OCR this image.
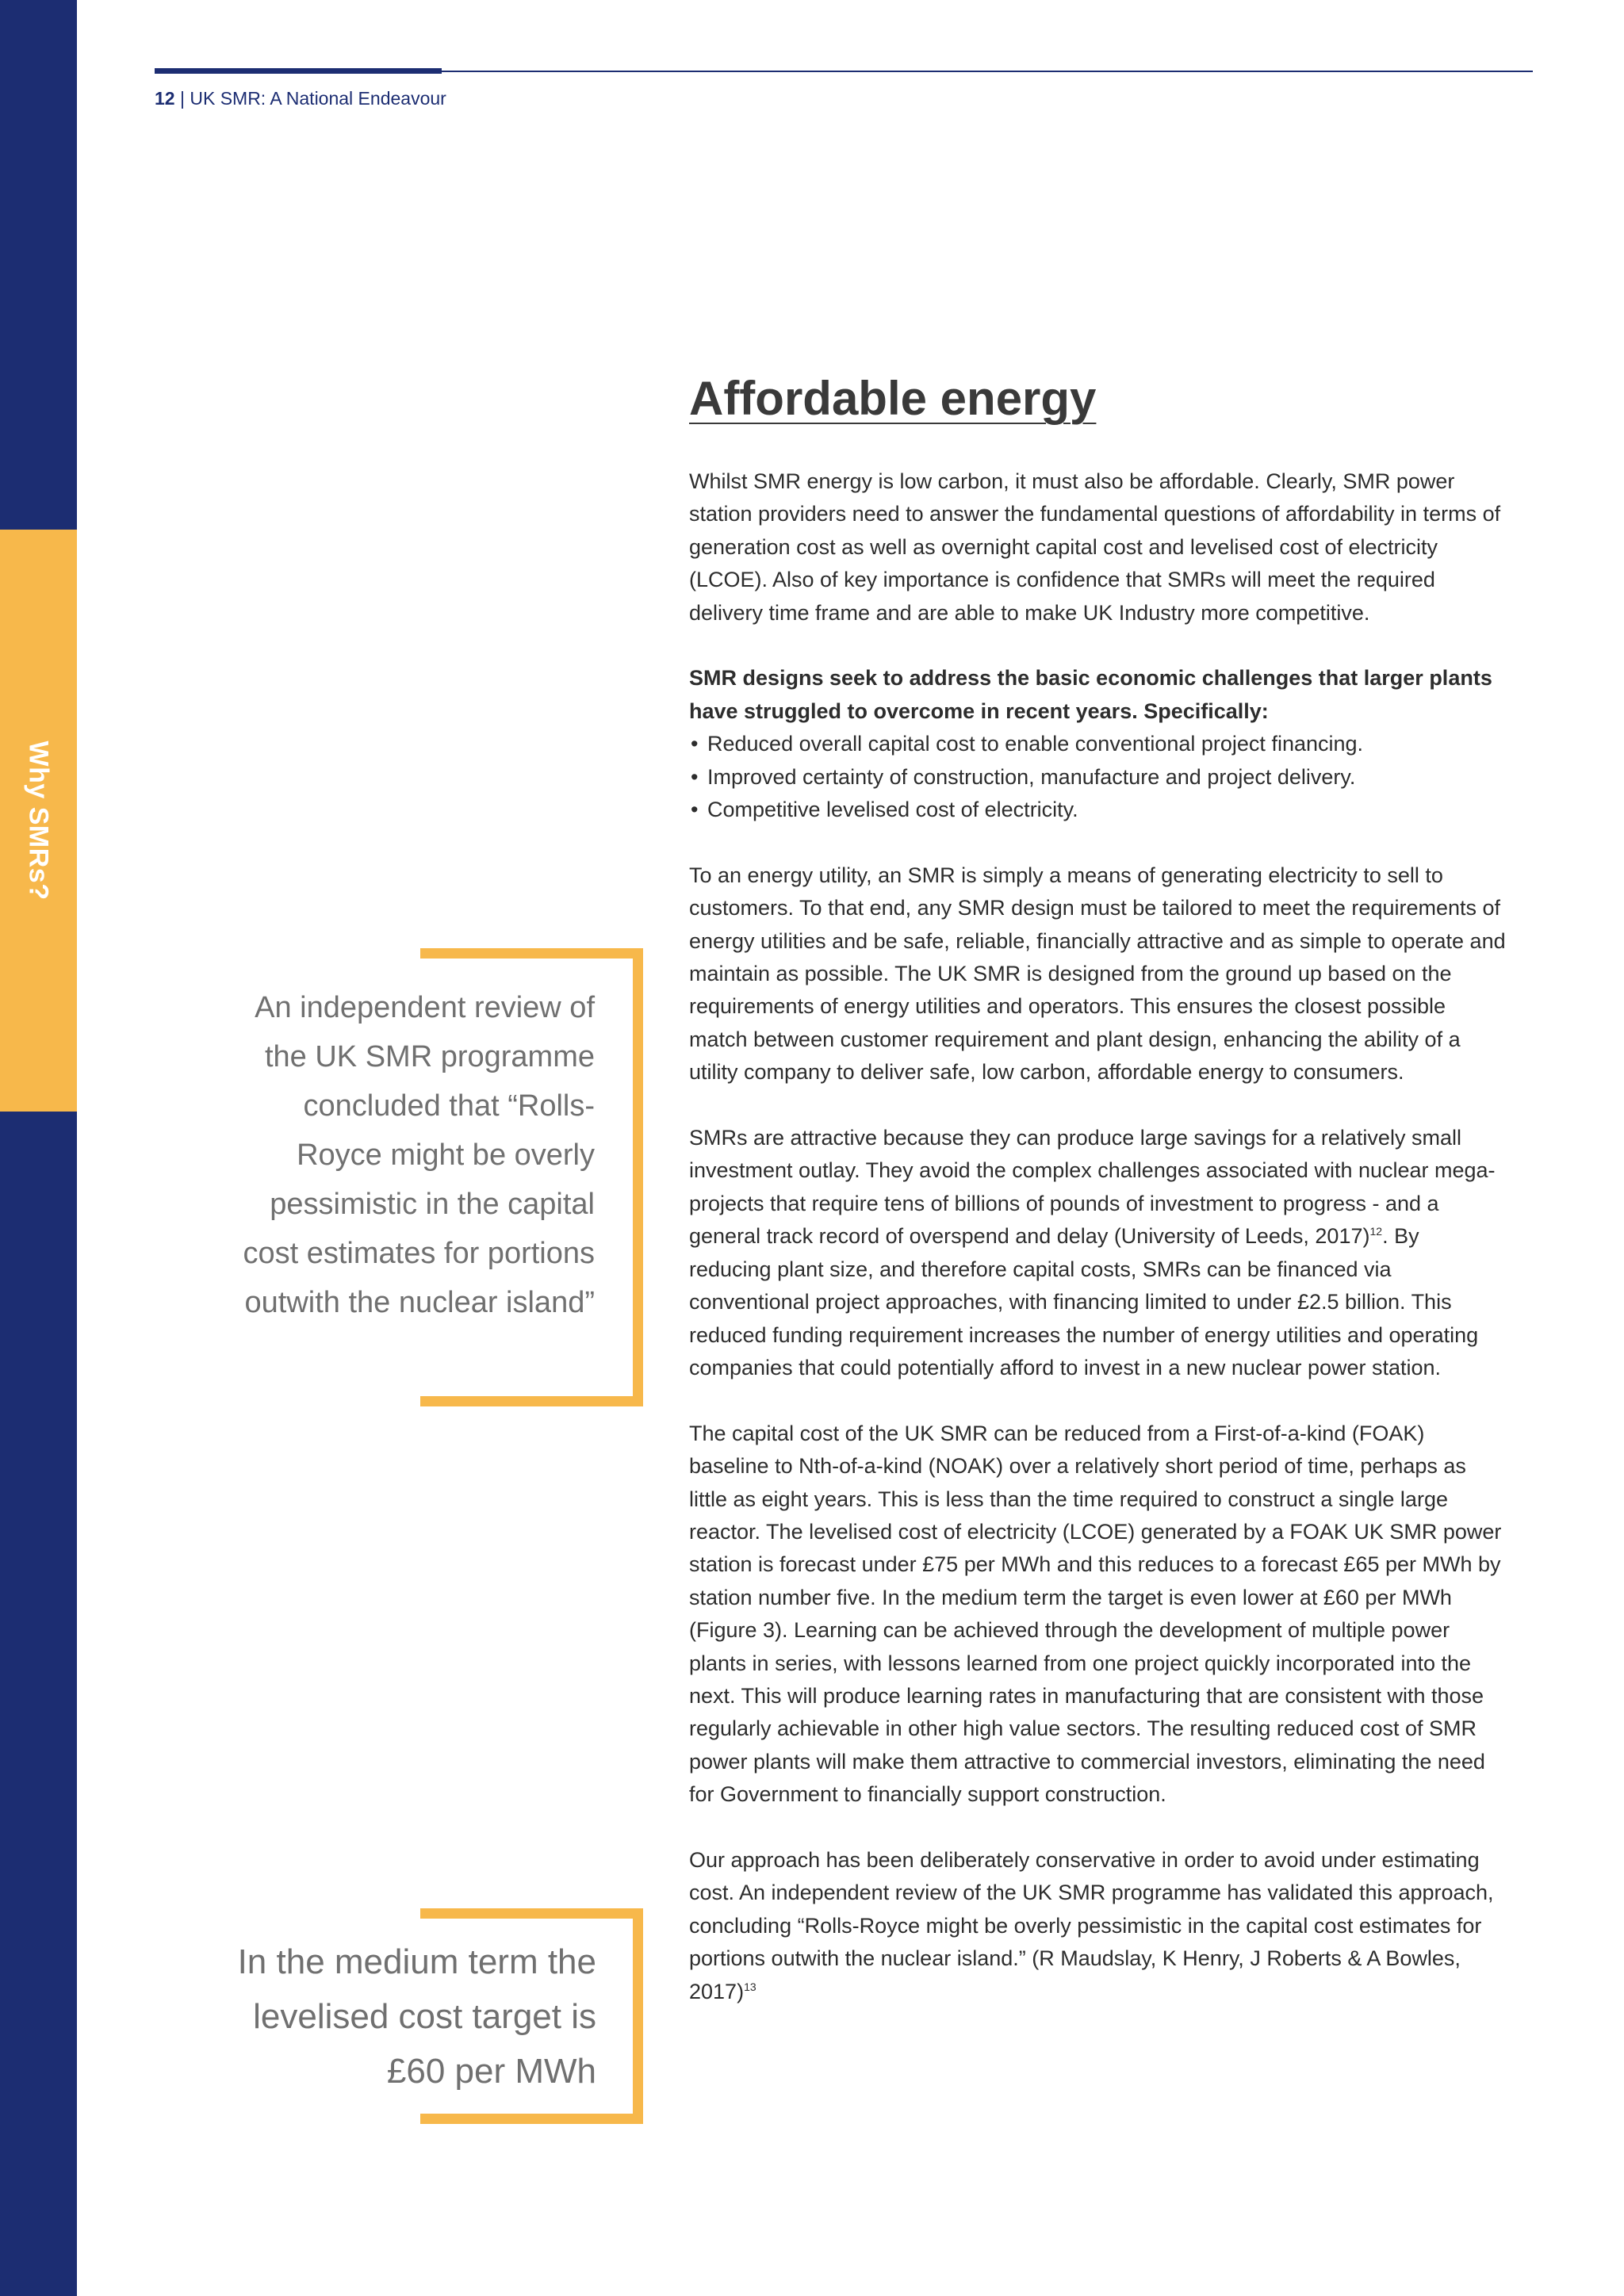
Why SMRs?
12 | UK SMR: A National Endeavour
Affordable energy

Whilst SMR energy is low carbon, it must also be affordable. Clearly, SMR power station providers need to answer the fundamental questions of affordability in terms of generation cost as well as overnight capital cost and levelised cost of electricity (LCOE). Also of key importance is confidence that SMRs will meet the required delivery time frame and are able to make UK Industry more competitive.

SMR designs seek to address the basic economic challenges that larger plants have struggled to overcome in recent years. Specifically:

• Reduced overall capital cost to enable conventional project financing.
• Improved certainty of construction, manufacture and project delivery.
• Competitive levelised cost of electricity.

To an energy utility, an SMR is simply a means of generating electricity to sell to customers. To that end, any SMR design must be tailored to meet the requirements of energy utilities and be safe, reliable, financially attractive and as simple to operate and maintain as possible. The UK SMR is designed from the ground up based on the requirements of energy utilities and operators. This ensures the closest possible match between customer requirement and plant design, enhancing the ability of a utility company to deliver safe, low carbon, affordable energy to consumers.

SMRs are attractive because they can produce large savings for a relatively small investment outlay. They avoid the complex challenges associated with nuclear mega-projects that require tens of billions of pounds of investment to progress - and a general track record of overspend and delay (University of Leeds, 2017)$^{12}$. By reducing plant size, and therefore capital costs, SMRs can be financed via conventional project approaches, with financing limited to under £2.5 billion. This reduced funding requirement increases the number of energy utilities and operating companies that could potentially afford to invest in a new nuclear power station.

The capital cost of the UK SMR can be reduced from a First-of-a-kind (FOAK) baseline to Nth-of-a-kind (NOAK) over a relatively short period of time, perhaps as little as eight years. This is less than the time required to construct a single large reactor. The levelised cost of electricity (LCOE) generated by a FOAK UK SMR power station is forecast under £75 per MWh and this reduces to a forecast £65 per MWh by station number five. In the medium term the target is even lower at £60 per MWh (Figure 3). Learning can be achieved through the development of multiple power plants in series, with lessons learned from one project quickly incorporated into the next. This will produce learning rates in manufacturing that are consistent with those regularly achievable in other high value sectors. The resulting reduced cost of SMR power plants will make them attractive to commercial investors, eliminating the need for Government to financially support construction.

Our approach has been deliberately conservative in order to avoid under estimating cost. An independent review of the UK SMR programme has validated this approach, concluding “Rolls-Royce might be overly pessimistic in the capital cost estimates for portions outwith the nuclear island.” (R Maudslay, K Henry, J Roberts & A Bowles, 2017)$^{13}$

An independent review of the UK SMR programme concluded that “Rolls-Royce might be overly pessimistic in the capital cost estimates for portions outwith the nuclear island”
In the medium term the levelised cost target is £60 per MWh
